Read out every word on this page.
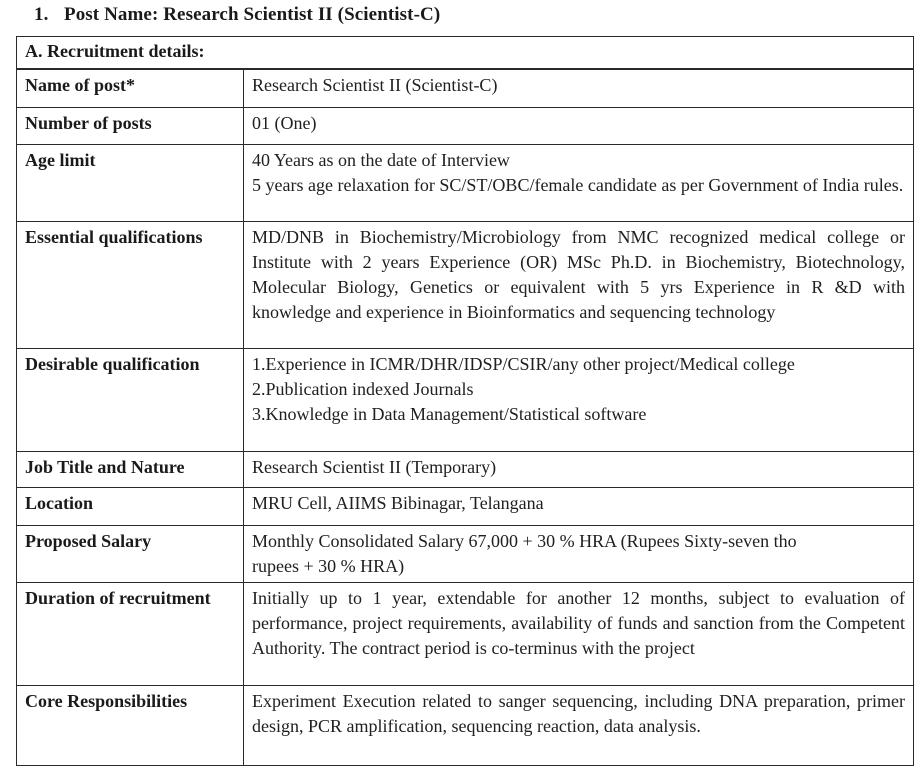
1. Post Name: Research Scientist II (Scientist-C)
A. Recruitment details:	
Name of post*	Research Scientist II (Scientist-C)

Number of posts	01 (One)

Age limit	40 Years as on the date of Interview
5 years age relaxation for SC/ST/OBC/female candidate as per Government of India rules.

Essential qualifications	MD/DNB in Biochemistry/Microbiology from NMC recognized medical college or Institute with 2 years Experience (OR) MSc Ph.D. in Biochemistry, Biotechnology, Molecular Biology, Genetics or equivalent with 5 yrs Experience in R &D with knowledge and experience in Bioinformatics and sequencing technology

Desirable qualification	1.Experience in ICMR/DHR/IDSP/CSIR/any other project/Medical college
2.Publication indexed Journals
3.Knowledge in Data Management/Statistical software

Job Title and Nature	Research Scientist II (Temporary)

Location	MRU Cell, AIIMS Bibinagar, Telangana

Proposed Salary	Monthly Consolidated Salary 67,000 + 30 % HRA (Rupees Sixty-seven tho
rupees + 30 % HRA)

Duration of recruitment	Initially up to 1 year, extendable for another 12 months, subject to evaluation of performance, project requirements, availability of funds and sanction from the Competent Authority. The contract period is co-terminus with the project

Core Responsibilities	Experiment Execution related to sanger sequencing, including DNA preparation, primer design, PCR amplification, sequencing reaction, data analysis.
